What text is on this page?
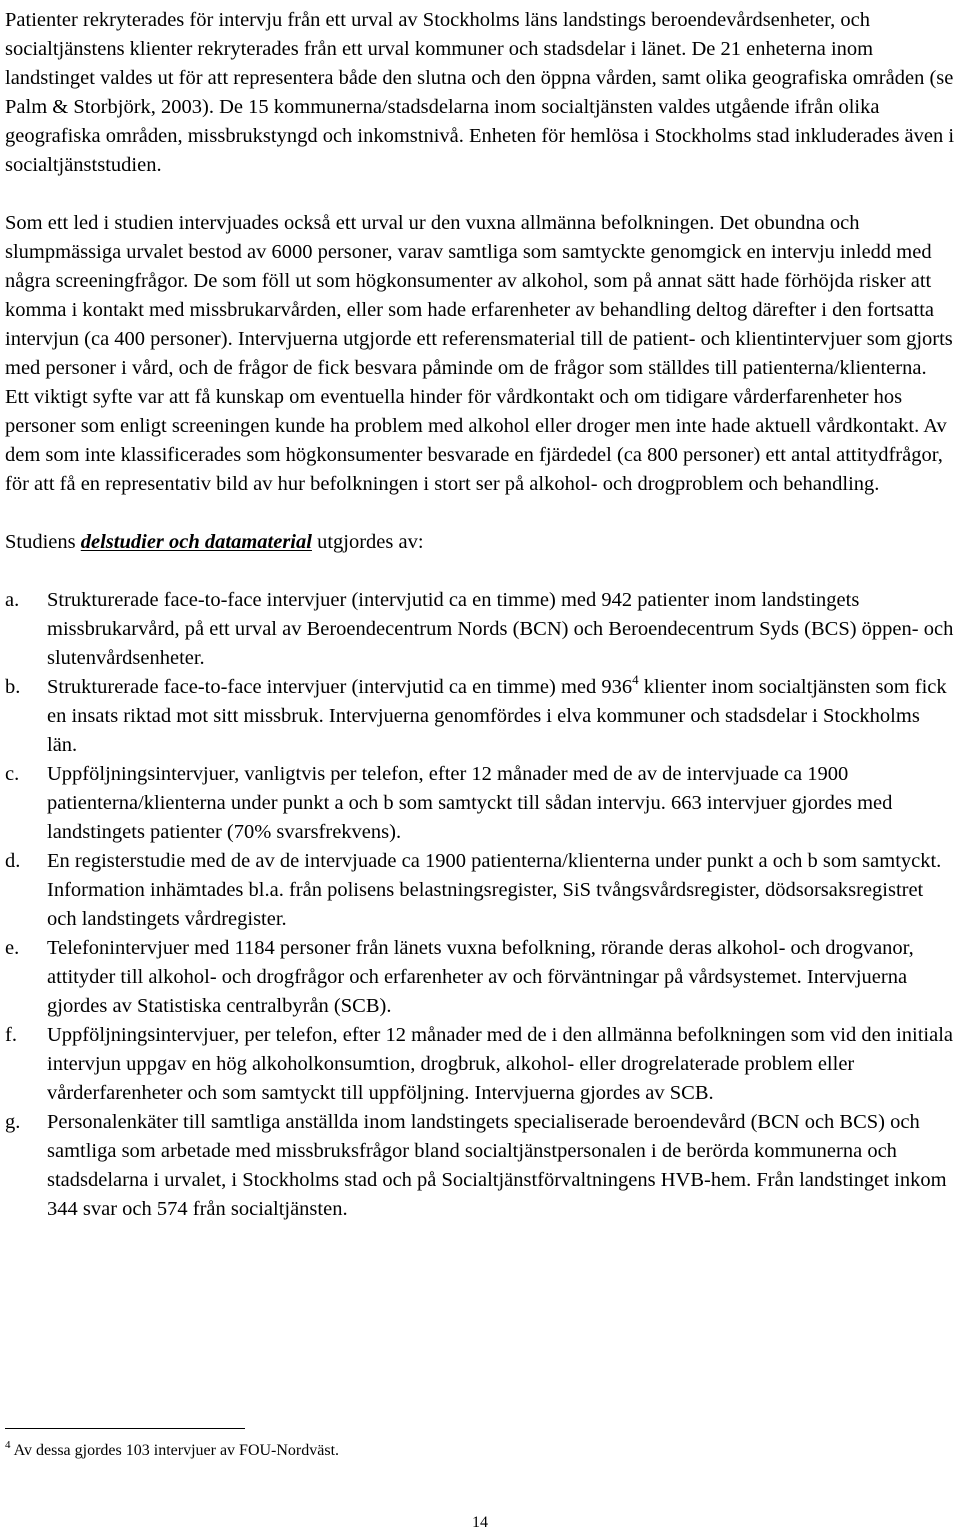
Patienter rekryterades för intervju från ett urval av Stockholms läns landstings beroendevårdsenheter, och socialtjänstens klienter rekryterades från ett urval kommuner och stadsdelar i länet. De 21 enheterna inom landstinget valdes ut för att representera både den slutna och den öppna vården, samt olika geografiska områden (se Palm & Storbjörk, 2003). De 15 kommunerna/stadsdelarna inom socialtjänsten valdes utgående ifrån olika geografiska områden, missbrukstyngd och inkomstnivå. Enheten för hemlösa i Stockholms stad inkluderades även i socialtjänststudien.

Som ett led i studien intervjuades också ett urval ur den vuxna allmänna befolkningen. Det obundna och slumpmässiga urvalet bestod av 6000 personer, varav samtliga som samtyckte genomgick en intervju inledd med några screeningfrågor. De som föll ut som högkonsumenter av alkohol, som på annat sätt hade förhöjda risker att komma i kontakt med missbrukarvården, eller som hade erfarenheter av behandling deltog därefter i den fortsatta intervjun (ca 400 personer). Intervjuerna utgjorde ett referensmaterial till de patient- och klientintervjuer som gjorts med personer i vård, och de frågor de fick besvara påminde om de frågor som ställdes till patienterna/klienterna. Ett viktigt syfte var att få kunskap om eventuella hinder för vårdkontakt och om tidigare vårderfarenheter hos personer som enligt screeningen kunde ha problem med alkohol eller droger men inte hade aktuell vårdkontakt. Av dem som inte klassificerades som högkonsumenter besvarade en fjärdedel (ca 800 personer) ett antal attitydfrågor, för att få en representativ bild av hur befolkningen i stort ser på alkohol- och drogproblem och behandling.

Studiens delstudier och datamaterial utgjordes av:

a.	Strukturerade face-to-face intervjuer (intervjutid ca en timme) med 942 patienter inom landstingets missbrukarvård, på ett urval av Beroendecentrum Nords (BCN) och Beroendecentrum Syds (BCS) öppen- och slutenvårdsenheter.
b.	Strukturerade face-to-face intervjuer (intervjutid ca en timme) med $936^4$ klienter inom socialtjänsten som fick en insats riktad mot sitt missbruk. Intervjuerna genomfördes i elva kommuner och stadsdelar i Stockholms län.
c.	Uppföljningsintervjuer, vanligtvis per telefon, efter 12 månader med de av de intervjuade ca 1900 patienterna/klienterna under punkt a och b som samtyckt till sådan intervju. 663 intervjuer gjordes med landstingets patienter (70% svarsfrekvens).
d.	En registerstudie med de av de intervjuade ca 1900 patienterna/klienterna under punkt a och b som samtyckt. Information inhämtades bl.a. från polisens belastningsregister, SiS tvångsvårdsregister, dödsorsaksregistret och landstingets vårdregister.
e.	Telefonintervjuer med 1184 personer från länets vuxna befolkning, rörande deras alkohol- och drogvanor, attityder till alkohol- och drogfrågor och erfarenheter av och förväntningar på vårdsystemet. Intervjuerna gjordes av Statistiska centralbyrån (SCB).
f.	Uppföljningsintervjuer, per telefon, efter 12 månader med de i den allmänna befolkningen som vid den initiala intervjun uppgav en hög alkoholkonsumtion, drogbruk, alkohol- eller drogrelaterade problem eller vårderfarenheter och som samtyckt till uppföljning. Intervjuerna gjordes av SCB.
g.	Personalenkäter till samtliga anställda inom landstingets specialiserade beroendevård (BCN och BCS) och samtliga som arbetade med missbruksfrågor bland socialtjänstpersonalen i de berörda kommunerna och stadsdelarna i urvalet, i Stockholms stad och på Socialtjänstförvaltningens HVB-hem. Från landstinget inkom 344 svar och 574 från socialtjänsten.
$^4$ Av dessa gjordes 103 intervjuer av FOU-Nordväst.
14
